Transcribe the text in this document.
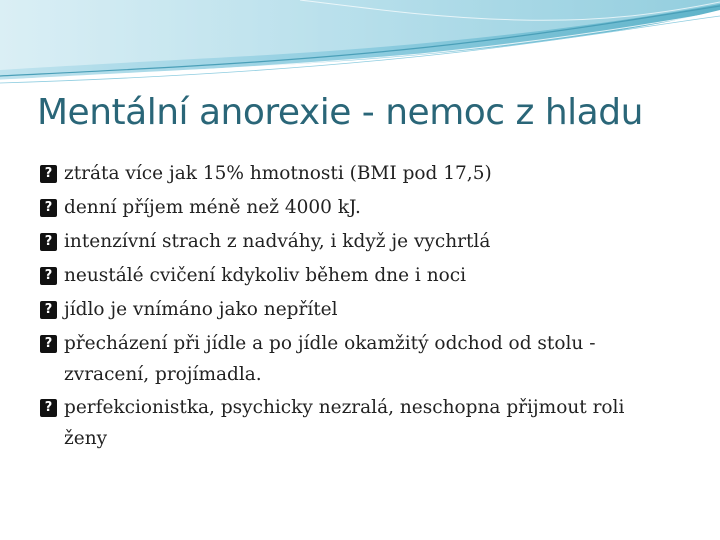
Mentální anorexie - nemoc z hladu
?
ztráta více jak 15% hmotnosti (BMI pod 17,5)
?
denní příjem méně než 4000 kJ.
?
intenzívní strach z nadváhy, i když je vychrtlá
?
neustálé cvičení kdykoliv během dne i noci
?
jídlo je vnímáno jako nepřítel
?
přecházení při jídle a po jídle okamžitý odchod od stolu - zvracení, projímadla.
?
perfekcionistka, psychicky nezralá, neschopna přijmout roli ženy
